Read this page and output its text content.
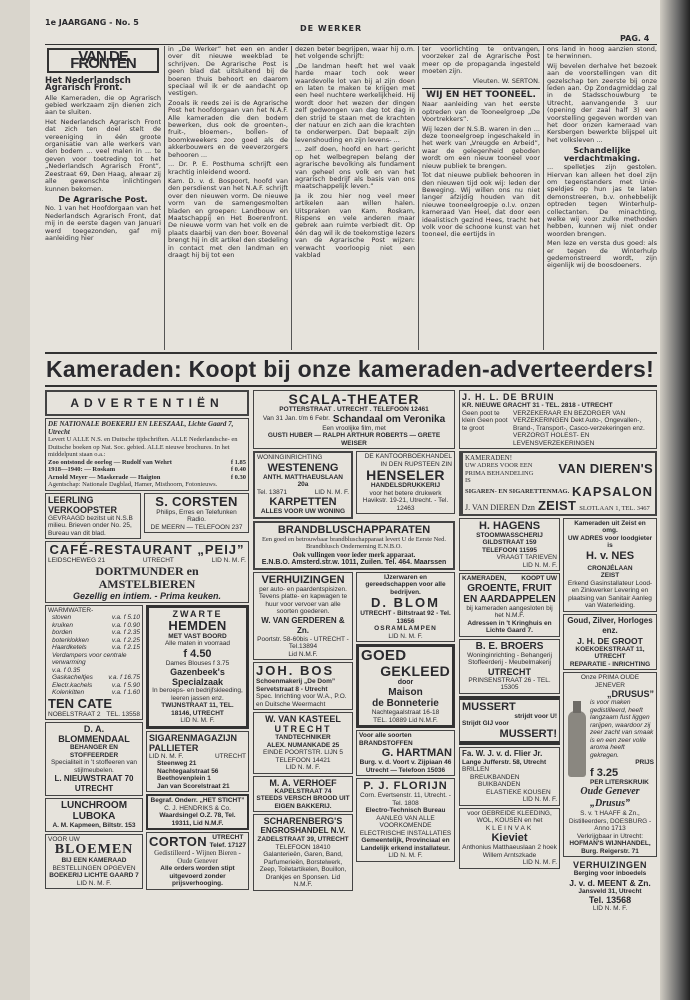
1e JAARGANG - No. 5
DE WERKER
PAG. 4
VAN DE FRONTEN
Het Nederlandsch Agrarisch Front.

Alle Kameraden, die op Agrarisch gebied werkzaam zijn dienen zich aan te sluiten.

Het Nederlandsch Agrarisch Front dat zich ten doel stelt de vereeniging in één groote organisatie van alle werkers van den bodem ... veel malen in ... te geven voor toetreding tot het „Nederlandsch Agrarisch Front”, Zeestraat 69, Den Haag, alwaar zij alle gewenschte inlichtingen kunnen bekomen.

De Agrarische Post.

No. 1 van het Hoofdorgaan van het Nederlandsch Agrarisch Front, dat mij in de eerste dagen van Januari werd toegezonden, gaf mij aanleiding hier

in „De Werker” het een en ander over dit nieuwe weekblad te schrijven. De Agrarische Post is geen blad dat uitsluitend bij de boeren thuis behoort en daarom speciaal wil ik er de aandacht op vestigen.

Zooals ik reeds zei is de Agrarische Post het hoofdorgaan van het N.A.F. Alle kameraden die den bodem bewerken, dus ook de groenten-, fruit-, bloemen-, bollen- of boomkweekers zoo goed als de akkerbouwers en de veeverzorgers behooren ...

... Dr. P. E. Posthuma schrijft een krachtig inleidend woord.

Kam. D. v. d. Bospoort, hoofd van den persdienst van het N.A.F. schrijft over den nieuwen vorm. De nieuwe vorm van de samengesmolten bladen en groepen: Landbouw en Maatschappij en Het Boerenfront. De nieuwe vorm van het volk en de plaats daarbij van den boer. Bovenal brengt hij in dit artikel den stedeling in contact met den landman en draagt hij bij tot een

dezen beter begrijpen, waar hij o.m. het volgende schrijft:

„De landman heeft het wel vaak harde maar toch ook weer waardevolle lot van bij al zijn doen en laten te maken te krijgen met een heel nuchtere werkelijkheid. Hij wordt door het wezen der dingen zelf gedwongen van dag tot dag in den strijd te staan met de krachten der natuur en zich aan die krachten te onderwerpen. Dat bepaalt zijn levenshouding en zijn levens- ...

... zelf doen, hoofd en hart gericht op het welbegrepen belang der agrarische bevolking als fundament van geheel ons volk en van het agrarisch bedrijf als basis van ons maatschappelijk leven.”

Ja ik zou hier nog veel meer artikelen aan willen halen. Uitspraken van Kam. Roskam, Rispens en vele anderen maar gebrek aan ruimte verbiedt dit. Op één dag wil ik de toekomstige lezers van de Agrarische Post wijzen: verwacht voorloopig niet een vakblad

ter voorlichting te ontvangen, voorzeker zal de Agrarische Post meer op de propaganda ingesteld moeten zijn.

Vleuten. W. SERTON.
WIJ EN HET TOONEEL.

Naar aanleiding van het eerste optreden van de Tooneelgroep „De Voortrekkers”.

Wij lezen der N.S.B. waren in den ... deze tooneelgroep ingeschakeld in het werk van „Vreugde en Arbeid”, waar de gelegenheid geboden wordt om een nieuw tooneel voor nieuw publiek te brengen.

Tot dat nieuwe publiek behooren in den nieuwen tijd ook wij: leden der Beweging. Wij willen ons nu niet langer afzijdig houden van dit nieuwe tooneelgroepje o.l.v. onzen kameraad Van Heel, dat door een idealistisch gezind Hees, tracht het volk voor de schoone kunst van het tooneel, die eertijds in

ons land in hoog aanzien stond, te herwinnen.

Wij bevelen derhalve het bezoek aan de voorstellingen van dit gezelschap ten zeerste bij onze leden aan. Op Zondagmiddag zal in de Stadsschouwburg te Utrecht, aanvangende 3 uur (opening der zaal half 3) een voorstelling gegeven worden van het door onzen kameraad van Kersbergen bewerkte blijspel uit het volksleven ...

Schandelijke verdachtmaking.

... spelletjes zijn gestolen. Hiervan kan alleen het doel zijn om tegenstanders met Unie-speldjes op hun jas te laten demonstreeren, b.v. onhebbelijk optreden tegen Winterhulp-collectanten. De minachting, welke wij voor zulke methoden hebben, kunnen wij niet onder woorden brengen.

Men leze en versta dus goed: als er tegen de Winterhulp gedemonstreerd wordt, zijn eigenlijk wij de boosdoeners.

Kameraden: Koopt bij onze kameraden-adverteerders!
ADVERTENTIËN
DE NATIONALE BOEKERIJ EN LEESZAAL, Lichte Gaard 7, Utrecht
Levert U ALLE N.S. en Duitsche tijdschriften. ALLE Nederlandsche- en Duitsche boeken op Nat. Soc. gebied. ALLE nieuwe brochures. In het middelpunt staan o.a.:
Zoo ontstond de oorlog — Rudolf van Wehrt	f 1.85
1918—1940: — Roskam	f 0.40
Arnold Meyer — Maskerade — Haigton	f 0.30
Agentschap: Nationale Dagblad, Hamer, Misthoorn, Fotonieuws.
LEERLING VERKOOPSTER
GEVRAAGD bezitst uit N.S.B milieu. Brieven onder No. 25, Bureau van dit blad.
S. CORSTEN
Philips, Erres en Telefunken Radio.
DE MEERN — TELEFOON 237
CAFÉ-RESTAURANT „PEIJ”
LEIDSCHEWEG 21	UTRECHT	LID N. M. F.
DORTMUNDER en AMSTELBIEREN
Gezellig en intiem. - Prima keuken.
WARMWATER-
stoven	v.a. f 5.10
kruiken	v.a. f 0.90
borden	v.a. f 2.35
boterklokken	v.a. f 2.25
Haardketels	v.a. f 2.15
Verdampers voor centrale verwarming
v.a. f 0.35
Gaskacheltjes v.a. f 16.75
Electr.kachels	v.a. f 5.90
Kolenkitten	v.a. f 1.60
TEN CATE
NOBELSTRAAT 2 TEL. 13558
D. A. BLOMMENDAAL
BEHANGER EN STOFFEERDER
Specialiteit in 't stoffeeren van stijlmeubelen.
L. NIEUWSTRAAT 70
UTRECHT
LUNCHROOM LUBOKA
A. M. Kapmeen, Biltstr. 153
VOOR UW
BLOEMEN
BIJ EEN KAMERAAD
BESTELLINGEN OPGEVEN
BOEKERIJ LICHTE GAARD 7
LID N. M. F.
ZWARTE
HEMDEN
MET VAST BOORD
Alle maten in voorraad
f 4.50
Dames Blouses f 3.75
Gazenbeek's Specialzaak
In beroeps- en bedrijfskleeding, leeren jassen enz.
TWIJNSTRAAT 11, TEL. 18146, UTRECHT
LID N. M. F.
SIGARENMAGAZIJN
PALLIETER
LID N. M. F.	UTRECHT
Steenweg 21
Nachtegaalstraat 56
Beethovenplein 1
Jan van Scorelstraat 21
Begraf. Onderr. „HET STICHT”
C. J. HENDRIKS & Co.
Waardsingel O.Z. 78, Tel. 19311, Lid N.M.F.
CORTON UTRECHT
Telef. 17127
Gedistilleerd - Wijnen Bieren - Oude Genever
Alle orders worden stipt uitgevoerd zonder prijsverhooging.
SCALA-THEATER
POTTERSTRAAT . UTRECHT . TELEFOON 12461
Van 31 Jan. t/m 6 Febr. Schandaal om Veronika
Een vroolijke film, met
GUSTI HUBER — RALPH ARTHUR ROBERTS — GRETE WEISER
WONINGINRICHTING
WESTENENG
ANTH. MATTHAEUSLAAN 20a
Tel. 13871	LID N. M. F.
KARPETTEN
ALLES VOOR UW WONING
DE KANTOORBOEKHANDEL IN DEN RUPSTEEN ZIN
HENSELER
HANDELSDRUKKERIJ
voor het betere drukwerk
Havikstr. 19-21, Utrecht. - Tel. 12463
BRANDBLUSCHAPPARATEN
Een goed en betrouwbaar brandbluschapparaat levert U de Eerste Ned. Brandblusch Onderneming E.N.B.O.
Ook vullingen voor ieder merk apparaat.
E.N.B.O. Amsterd.str.w. 1011, Zuilen. Tel. 464. Maarssen
VERHUIZINGEN
per auto- en paardentspisizen. Tevens platte- en kapwagen te huur voor vervoer van alle soorten goederen.
W. VAN GERDEREN & Zn.
Poortstr. 58-60bis - UTRECHT - Tel.13894
Lid N.M.F.
JOH. BOS
Schoenmakerij „De Dom”
Servetstraat 8 - Utrecht
Spec. Inrichting voor W.A., P.O. en Duitsche Weermacht
W. VAN KASTEEL
UTRECHT
TANDTECHNIKER
ALEX. NUMANKADE 25
EINDE POORTSTR. LIJN 5
TELEFOON 14421
LID N. M. F.
M. A. VERHOEF
KAPELSTRAAT 74
STEEDS VERSCH BROOD UIT EIGEN BAKKERIJ.
SCHARENBERG'S
ENGROSHANDEL N.V.
ZADELSTRAAT 39, UTRECHT
TELEFOON 18410
Galanterieën, Garen, Band, Parfumerieën, Borstelwerk, Zeep, Toiletartikelen, Bouillon, Drankjes en Sponsen. Lid N.M.F.
IJzerwaren en gereedschappen voor alle bedrijven.
D. BLOM
UTRECHT - Biltstraat 92 - Tel. 13656
OSRAMLAMPEN
LID N. M. F.
GOED
GEKLEED
door
Maison
de Bonneterie
Nachtegaalstraat 16-18
TEL. 10889 Lid N.M.F.
Voor alle soorten
BRANDSTOFFEN
G. HARTMAN
Burg. v. d. Voort v. Zijpiaan 46
Utrecht — Telefoon 15036
P. J. FLORIJN
Corn. Evertsenstr. 11, Utrecht. - Tel. 1808
Electro-Technisch Bureau
AANLEG VAN ALLE VOORKOMENDE ELECTRISCHE INSTALLATIES
Gemeentelijk, Provinciaal en Landelijk erkend installateur.
LID N. M. F.
J. H. L. DE BRUIN
KR. NIEUWE GRACHT 31 - TEL. 2818 - UTRECHT
Geen poot te klein Geen poot te groot
VERZEKERAAR EN BEZORGER VAN VERZEKERINGEN Dekt Auto-, Ongevallen-, Brand-, Transport-, Casco-verzekeringen enz. VERZORGT HOLEST- EN LEVENSVERZEKERINGEN
KAMERADEN!
UW ADRES VOOR EEN PRIMA BEHANDELING IS
VAN DIEREN'S
SIGAREN- EN SIGARETTENMAG. KAPSALON
J. VAN DIEREN Dzn ZEIST SLOTLAAN 1, TEL. 3467
H. HAGENS
STOOMWASSCHERIJ
GILDSTRAAT 159
TELEFOON 11595
VRAAGT TARIEVEN
LID N. M. F.
KAMERADEN, KOOPT UW
GROENTE, FRUIT EN AARDAPPELEN
bij kameraden aangesloten bij het N.M.F.
Adressen in 't Kringhuis en Lichte Gaard 7.
B. E. BROERS
Woninginrichting - Behangerij
Stoffeerderij - Meubelmakerij
UTRECHT
PRINSENSTRAAT 26 - TEL. 15305
MUSSERT
strijdt voor U!
Strijdt GIJ voor
MUSSERT!
Fa. W. J. v. d. Flier Jr.
Lange Jufferstr. 58, Utrecht
BRILLEN
BREUKBANDEN
BUIKBANDEN
ELASTIEKE KOUSEN
LID N. M. F.
voor GEBREIDE KLEEDING, WOL, KOUSEN en het
KLEINVAK
Kieviet
Anthonius Matthaeuslaan 2 hoek Willem Arntszkade
LID N. M. F.
Kameraden uit Zeist en omg.
UW ADRES voor loodgieter is
H. v. NES
CRONJÉLAAN
ZEIST
Erkend Gasinstallateur Lood- en Zinkwerker Levering en plaatsing van Sanitair Aanleg van Waterleiding.
Goud, Zilver, Horloges enz.
J. H. DE GROOT
KOEKOEKSTRAAT 11, UTRECHT
REPARATIE - INRICHTING
Onze PRIMA OUDE JENEVER
„DRUSUS”
is voor maken gedistilleerd, heeft langzaam fust liggen rarijpen, waardoor zij zeer zacht van smaak is en een zeer volle aroma heeft gekregen.
PRIJS
f 3.25
PER LITERSKRUIK
Oude Genever „Drusus”
S. v. 't HAAFF & Zn., Distilleerders, DOESBURG - Anno 1713
Verkrijgbaar in Utrecht:
HOFMAN'S WIJNHANDEL, Burg. Reigerstr. 71
VERHUIZINGEN
Berging voor inboedels
J. v. d. MEENT & Zn.
Jansveld 31, Utrecht
Tel. 13568
LID N. M. F.
